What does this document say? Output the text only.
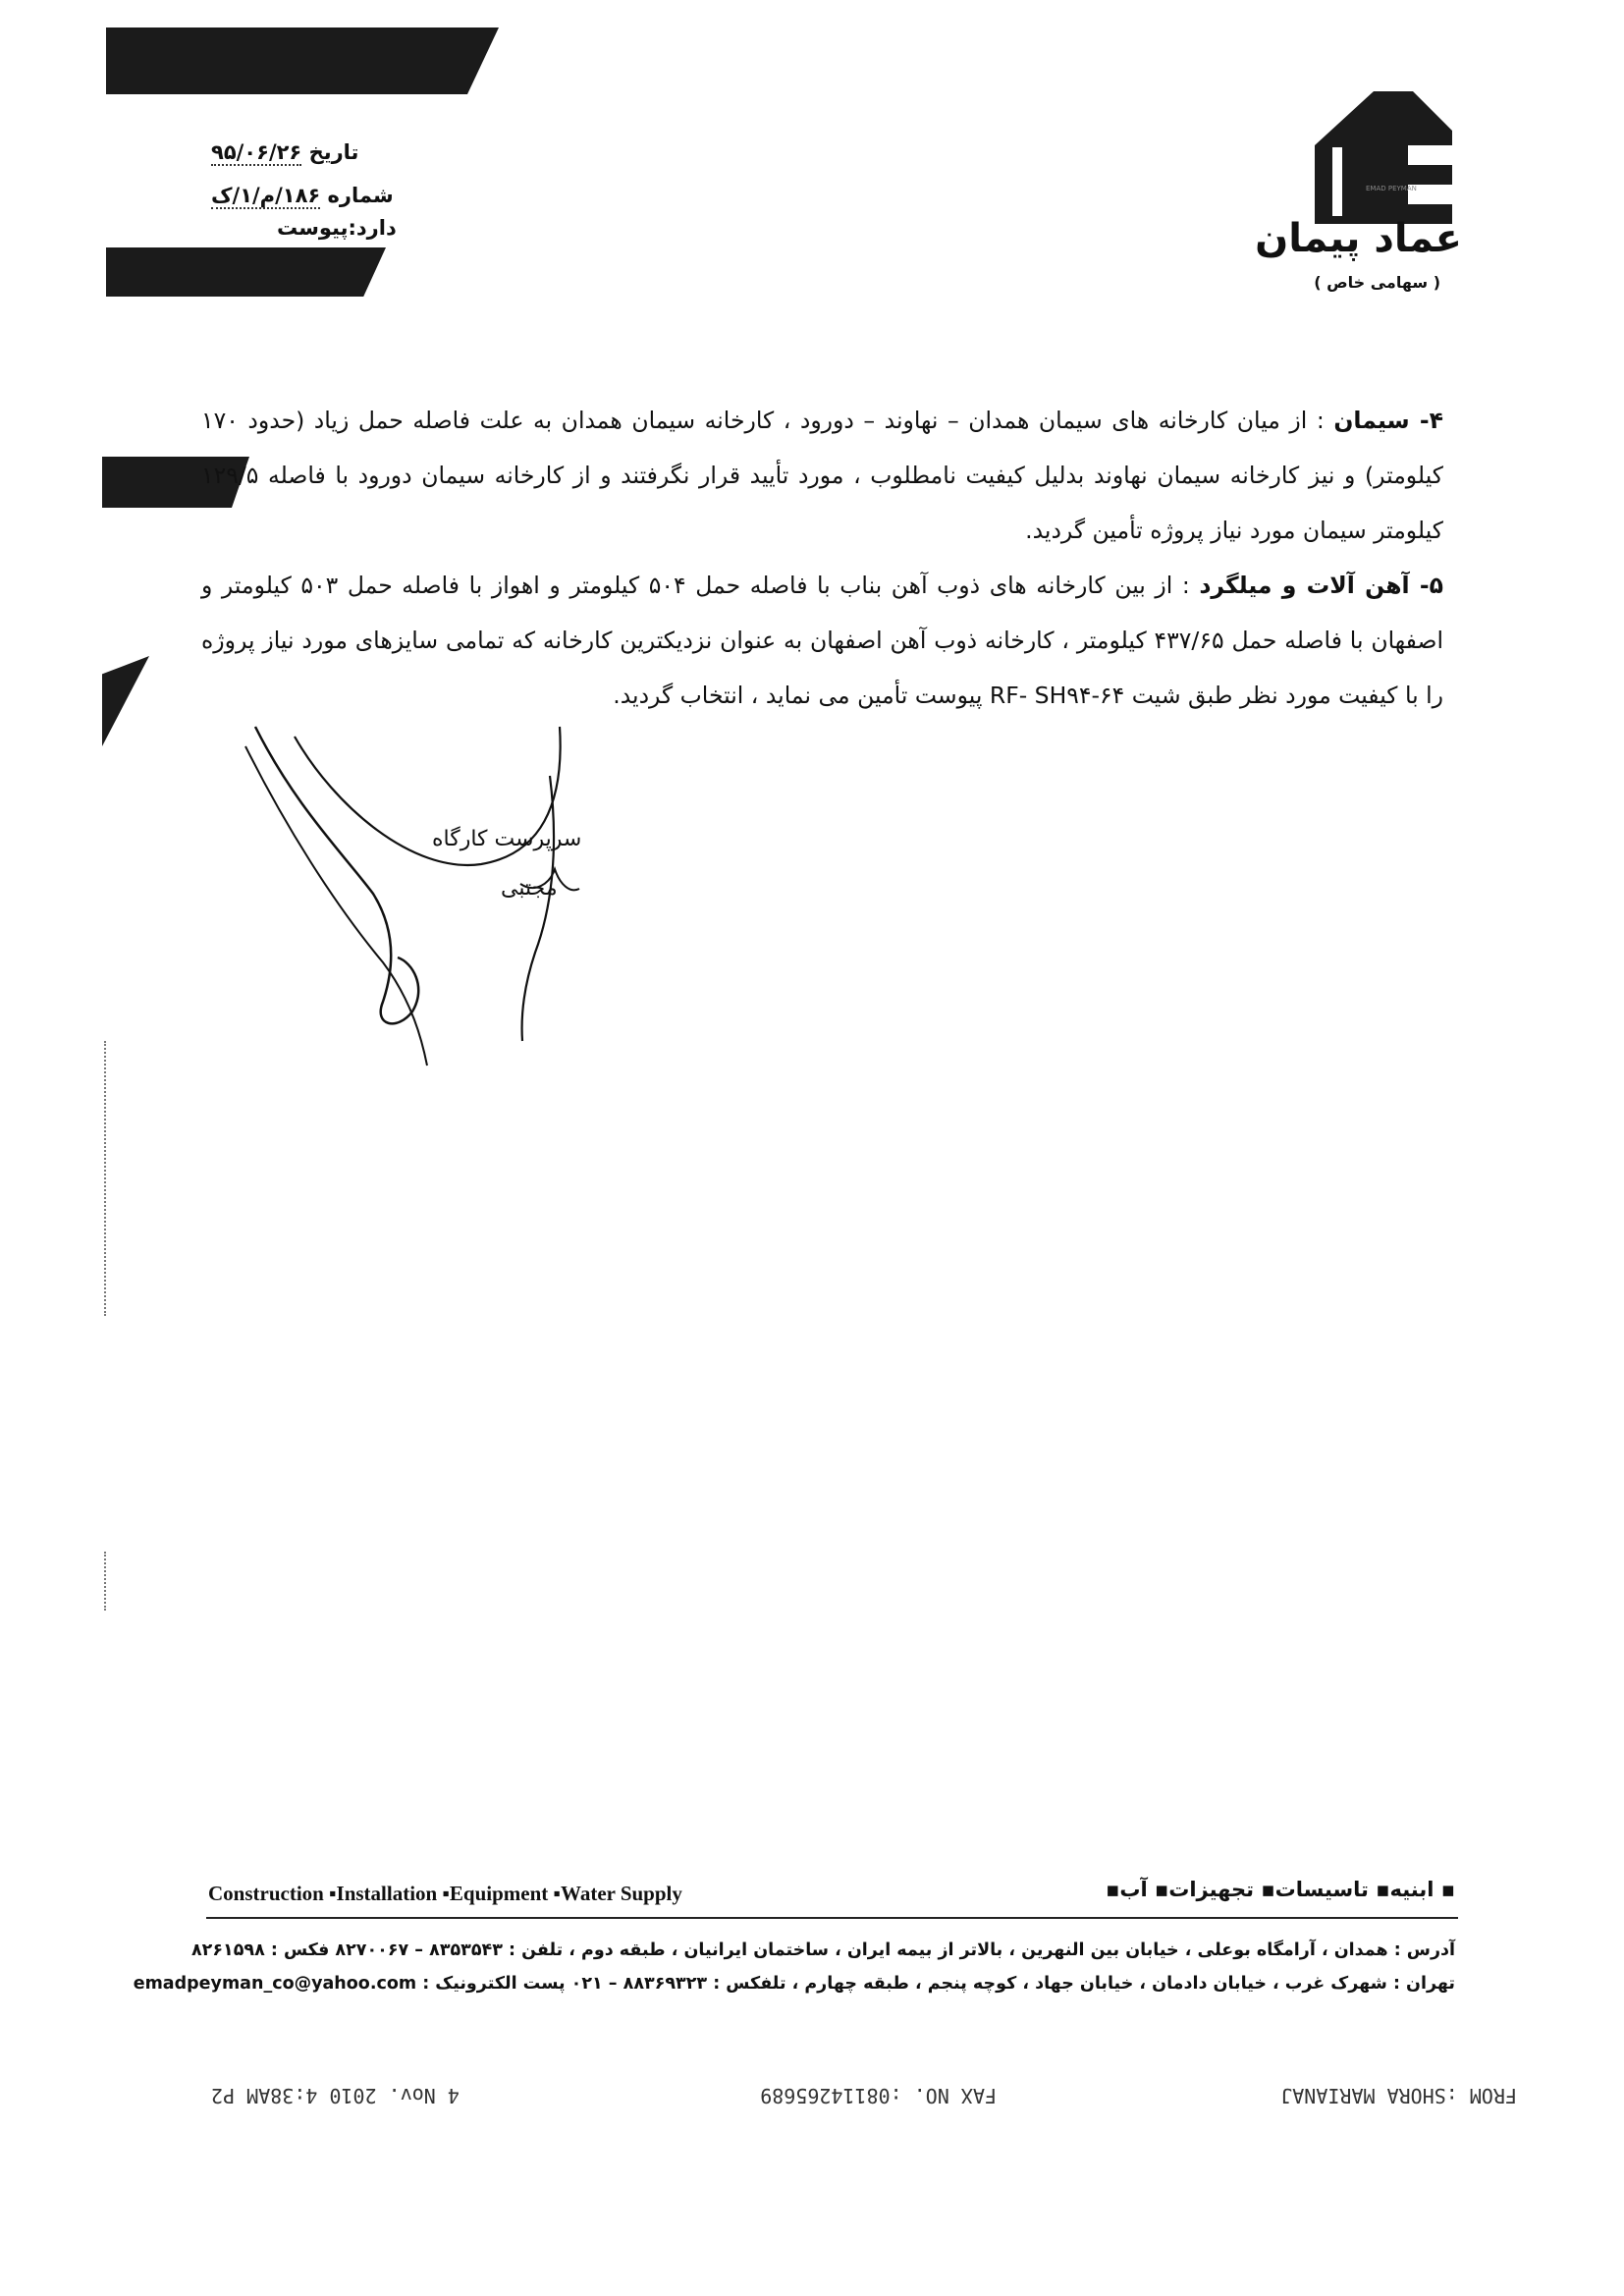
EMAD PEYMAN
عماد پیمان
( سهامی خاص )
تاریخ ۹۵/۰۶/۲۶
شماره ۱۸۶/م/۱/ک
دارد:پیوست

۴- سیمان : از میان کارخانه های سیمان همدان – نهاوند – دورود ، کارخانه سیمان همدان به علت فاصله حمل زیاد (حدود ۱۷۰ کیلومتر) و نیز کارخانه سیمان نهاوند بدلیل کیفیت نامطلوب ، مورد تأیید قرار نگرفتند و از کارخانه سیمان دورود با فاصله ۱۲۹/۵ کیلومتر سیمان مورد نیاز پروژه تأمین گردید.

۵- آهن آلات و میلگرد : از بین کارخانه های ذوب آهن بناب با فاصله حمل ۵۰۴ کیلومتر و اهواز با فاصله حمل ۵۰۳ کیلومتر و اصفهان با فاصله حمل ۴۳۷/۶۵ کیلومتر ، کارخانه ذوب آهن اصفهان به عنوان نزدیکترین کارخانه که تمامی سایزهای مورد نیاز پروژه را با کیفیت مورد نظر طبق شیت RF- SH۹۴-۶۴ پیوست تأمین می نماید ، انتخاب گردید.

سرپرست کارگاه
مجتبی
Construction ▪Installation ▪Equipment ▪Water Supply	▪ ابنیه▪ تاسیسات▪ تجهیزات▪ آب▪
آدرس : همدان ، آرامگاه بوعلی ، خیابان بین النهرین ، بالاتر از بیمه ایران ، ساختمان ایرانیان ، طبقه دوم ، تلفن : ۸۳۵۳۵۴۳ – ۸۲۷۰۰۶۷ فکس : ۸۲۶۱۵۹۸
تهران : شهرک غرب ، خیابان دادمان ، خیابان جهاد ، کوچه پنجم ، طبقه چهارم ، تلفکس : ۸۸۳۶۹۳۲۳ – ۰۲۱ پست الکترونیک : emadpeyman_co@yahoo.com
FROM :SHORA MARIANAJ
FAX NO. :08114265689
4 Nov. 2010 4:38AM P2
